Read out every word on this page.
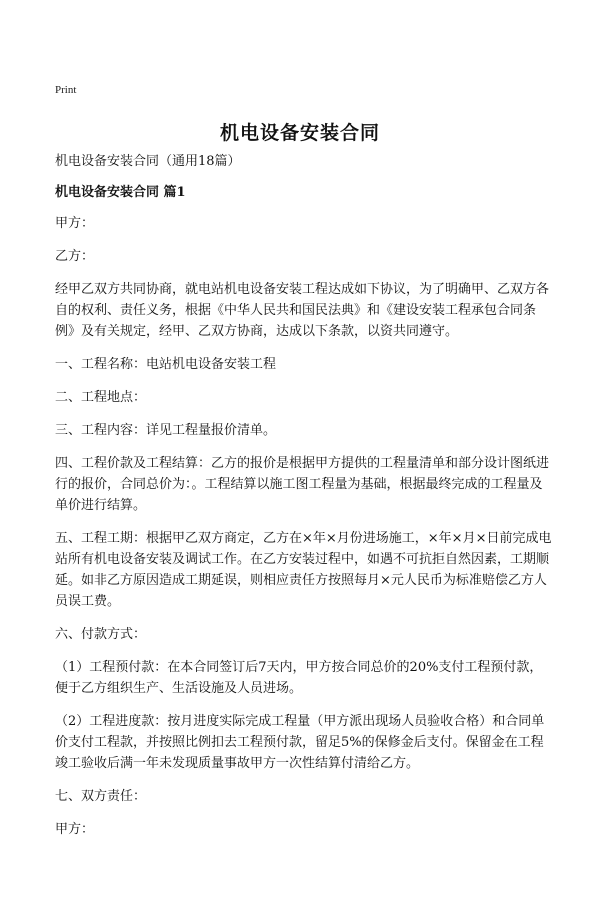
Print
机电设备安装合同

机电设备安装合同（通用18篇）

机电设备安装合同 篇1

甲方：

乙方：

经甲乙双方共同协商，就电站机电设备安装工程达成如下协议，为了明确甲、乙双方各自的权利、责任义务，根据《中华人民共和国民法典》和《建设安装工程承包合同条例》及有关规定，经甲、乙双方协商，达成以下条款，以资共同遵守。

一、工程名称：电站机电设备安装工程

二、工程地点：

三、工程内容：详见工程量报价清单。

四、工程价款及工程结算：乙方的报价是根据甲方提供的工程量清单和部分设计图纸进行的报价，合同总价为：。工程结算以施工图工程量为基础，根据最终完成的工程量及单价进行结算。

五、工程工期：根据甲乙双方商定，乙方在×年×月份进场施工，×年×月×日前完成电站所有机电设备安装及调试工作。在乙方安装过程中，如遇不可抗拒自然因素，工期顺延。如非乙方原因造成工期延误，则相应责任方按照每月×元人民币为标准赔偿乙方人员误工费。

六、付款方式：

（1）工程预付款：在本合同签订后7天内，甲方按合同总价的20%支付工程预付款，便于乙方组织生产、生活设施及人员进场。

（2）工程进度款：按月进度实际完成工程量（甲方派出现场人员验收合格）和合同单价支付工程款，并按照比例扣去工程预付款，留足5%的保修金后支付。保留金在工程竣工验收后满一年未发现质量事故甲方一次性结算付清给乙方。

七、双方责任：

甲方：
